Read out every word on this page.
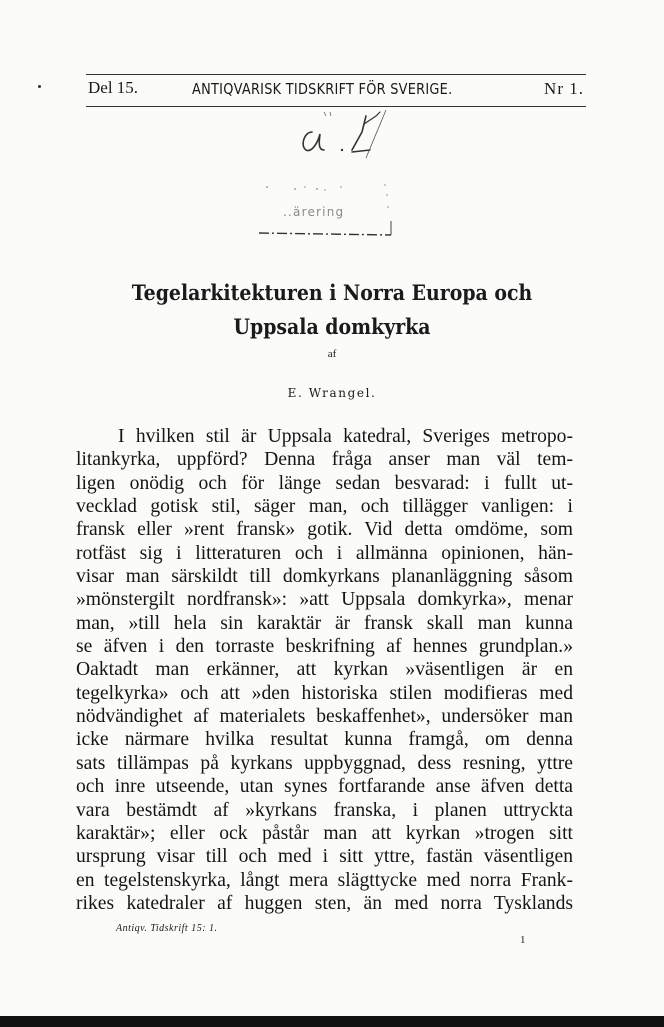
Del 15.	ANTIQVARISK TIDSKRIFT FÖR SVERIGE.	Nr 1.
..ärering
Tegelarkitekturen i Norra Europa och
Uppsala domkyrka
af
E. Wrangel.
I hvilken stil är Uppsala katedral, Sveriges metropo-
litankyrka, uppförd? Denna fråga anser man väl tem-
ligen onödig och för länge sedan besvarad: i fullt ut-
vecklad gotisk stil, säger man, och tillägger vanligen: i
fransk eller »rent fransk» gotik. Vid detta omdöme, som
rotfäst sig i litteraturen och i allmänna opinionen, hän-
visar man särskildt till domkyrkans plananläggning såsom
»mönstergilt nordfransk»: »att Uppsala domkyrka», menar
man, »till hela sin karaktär är fransk skall man kunna
se äfven i den torraste beskrifning af hennes grundplan.»
Oaktadt man erkänner, att kyrkan »väsentligen är en
tegelkyrka» och att »den historiska stilen modifieras med
nödvändighet af materialets beskaffenhet», undersöker man
icke närmare hvilka resultat kunna framgå, om denna
sats tillämpas på kyrkans uppbyggnad, dess resning, yttre
och inre utseende, utan synes fortfarande anse äfven detta
vara bestämdt af »kyrkans franska, i planen uttryckta
karaktär»; eller ock påstår man att kyrkan »trogen sitt
ursprung visar till och med i sitt yttre, fastän väsentligen
en tegelstenskyrka, långt mera slägttycke med norra Frank-
rikes katedraler af huggen sten, än med norra Tysklands
Antiqv. Tidskrift 15: 1.
1
